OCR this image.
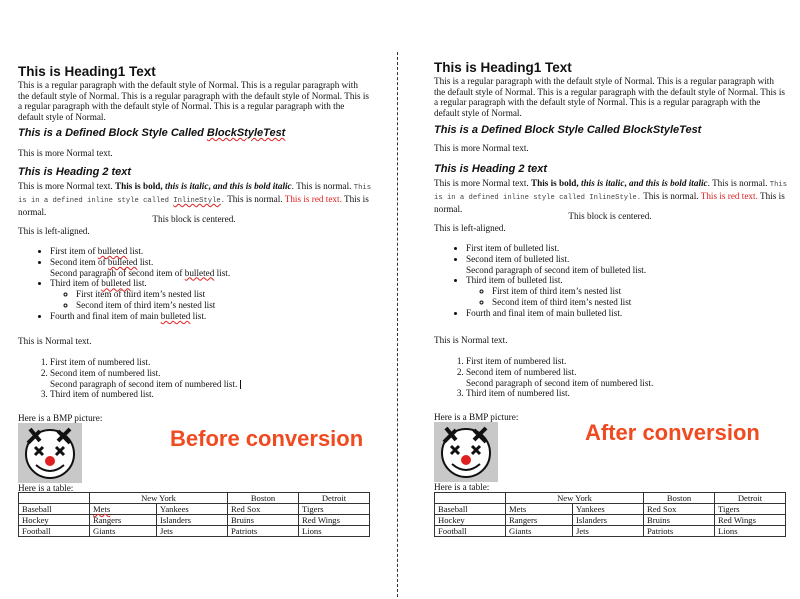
This is Heading1 Text
This is a regular paragraph with the default style of Normal. This is a regular paragraph with the default style of Normal. This is a regular paragraph with the default style of Normal. This is a regular paragraph with the default style of Normal. This is a regular paragraph with the default style of Normal.
This is a Defined Block Style Called BlockStyleTest
This is more Normal text.
This is Heading 2 text
This is more Normal text. This is bold, this is italic, and this is bold italic. This is normal. This is in a defined inline style called InlineStyle. This is normal. This is red text. This is normal.
This block is centered.
This is left-aligned.
• First item of bulleted list.
• Second item of bulleted list.
Second paragraph of second item of bulleted list.
• Third item of bulleted list.
◦ First item of third item’s nested list
◦ Second item of third item’s nested list
• Fourth and final item of main bulleted list.
This is Normal text.
1. First item of numbered list.
2. Second item of numbered list.
Second paragraph of second item of numbered list.
3. Third item of numbered list.
Here is a BMP picture:
Here is a table:
	New York		Boston	Detroit
Baseball	Mets	Yankees	Red Sox	Tigers
Hockey	Rangers	Islanders	Bruins	Red Wings
Football	Giants	Jets	Patriots	Lions
This is Heading1 Text
This is a regular paragraph with the default style of Normal. This is a regular paragraph with the default style of Normal. This is a regular paragraph with the default style of Normal. This is a regular paragraph with the default style of Normal. This is a regular paragraph with the default style of Normal.
This is a Defined Block Style Called BlockStyleTest
This is more Normal text.
This is Heading 2 text
This is more Normal text. This is bold, this is italic, and this is bold italic. This is normal. This is in a defined inline style called InlineStyle. This is normal. This is red text. This is normal.
This block is centered.
This is left-aligned.
• First item of bulleted list.
• Second item of bulleted list.
Second paragraph of second item of bulleted list.
• Third item of bulleted list.
◦ First item of third item’s nested list
◦ Second item of third item’s nested list
• Fourth and final item of main bulleted list.
This is Normal text.
1. First item of numbered list.
2. Second item of numbered list.
Second paragraph of second item of numbered list.
3. Third item of numbered list.
Here is a BMP picture:
Here is a table:
	New York		Boston	Detroit
Baseball	Mets	Yankees	Red Sox	Tigers
Hockey	Rangers	Islanders	Bruins	Red Wings
Football	Giants	Jets	Patriots	Lions
Before conversion	After conversion
